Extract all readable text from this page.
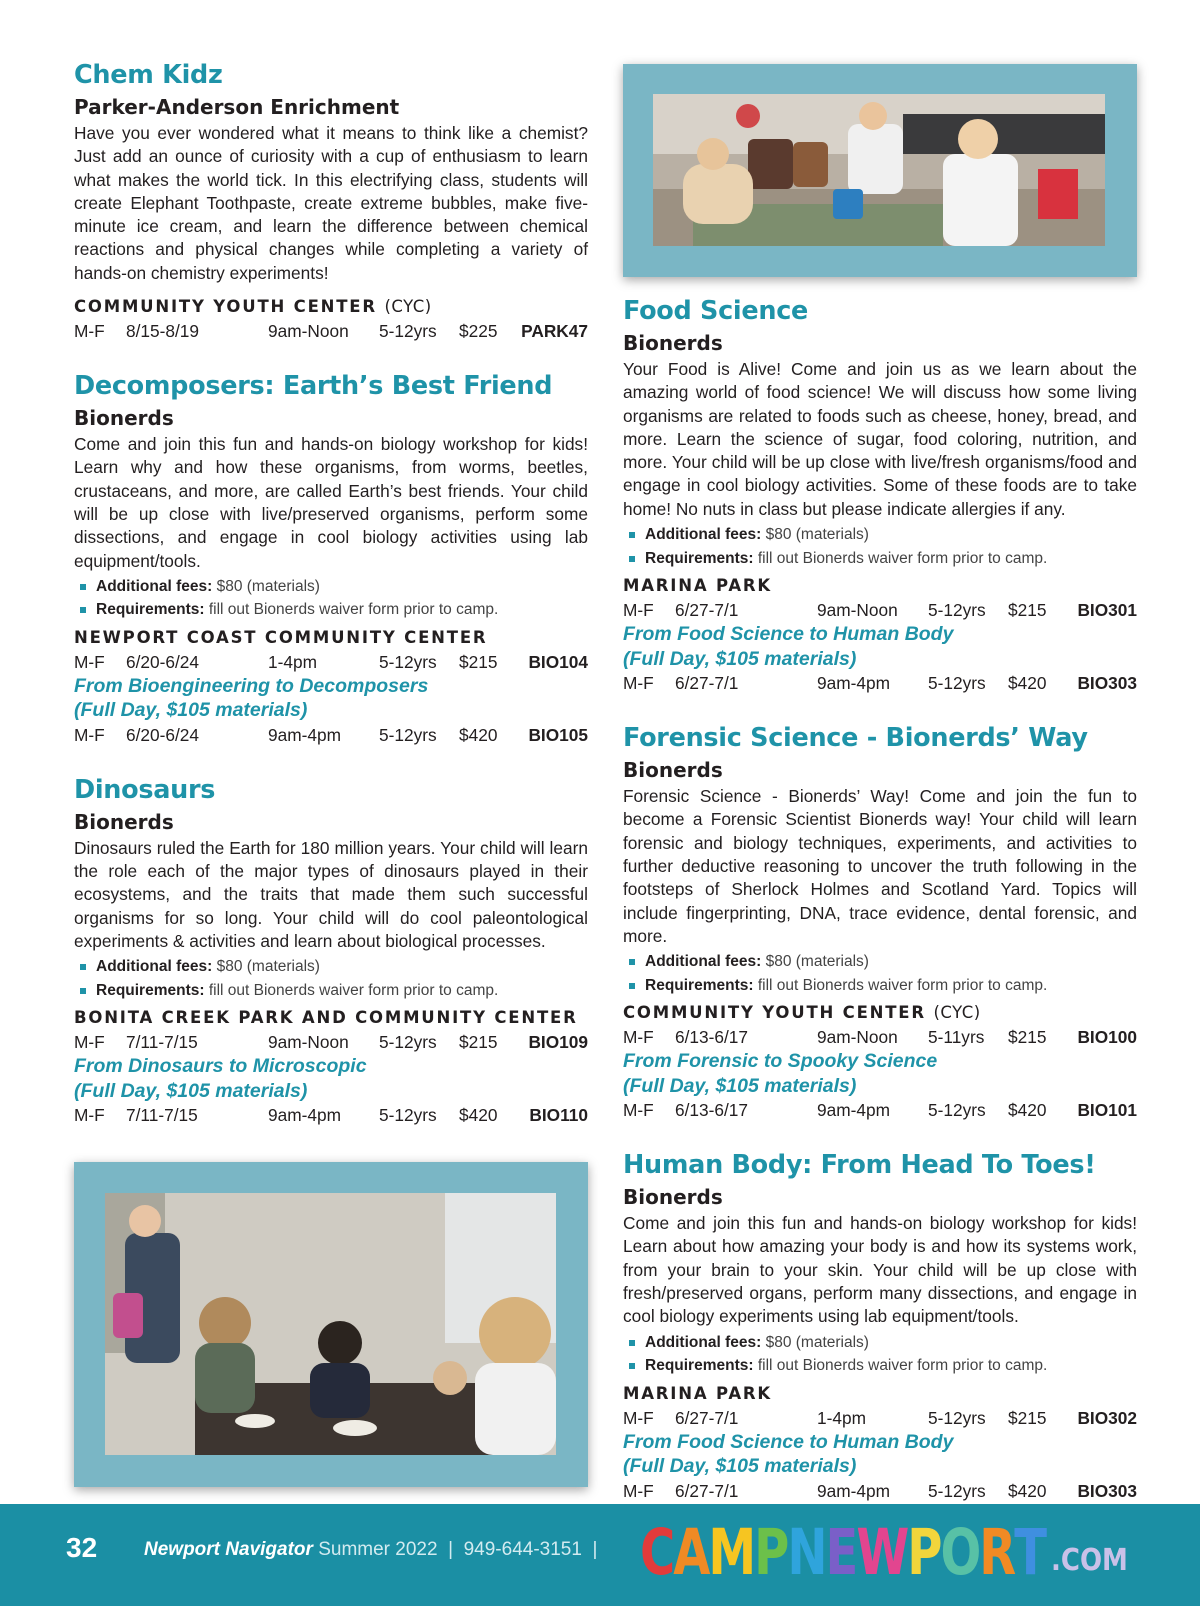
Chem Kidz
Parker-Anderson Enrichment

Have you ever wondered what it means to think like a chemist? Just add an ounce of curiosity with a cup of enthusiasm to learn what makes the world tick. In this electrifying class, students will create Elephant Toothpaste, create extreme bubbles, make five-minute ice cream, and learn the difference between chemical reactions and physical changes while completing a variety of hands-on chemistry experiments!

COMMUNITY YOUTH CENTER (CYC)
M-F 8/15-8/19	9am-Noon 5-12yrs $225 PARK47
Decomposers: Earth’s Best Friend
Bionerds

Come and join this fun and hands-on biology workshop for kids! Learn why and how these organisms, from worms, beetles, crustaceans, and more, are called Earth’s best friends. Your child will be up close with live/preserved organisms, perform some dissections, and engage in cool biology activities using lab equipment/tools.

Additional fees: $80 (materials)
Requirements: fill out Bionerds waiver form prior to camp.
NEWPORT COAST COMMUNITY CENTER
M-F 6/20-6/24	1-4pm	5-12yrs $215 BIO104
From Bioengineering to Decomposers
(Full Day, $105 materials)
M-F 6/20-6/24	9am-4pm 5-12yrs $420 BIO105
Dinosaurs
Bionerds

Dinosaurs ruled the Earth for 180 million years. Your child will learn the role each of the major types of dinosaurs played in their ecosystems, and the traits that made them such successful organisms for so long. Your child will do cool paleontological experiments & activities and learn about biological processes.

Additional fees: $80 (materials)
Requirements: fill out Bionerds waiver form prior to camp.
BONITA CREEK PARK AND COMMUNITY CENTER
M-F 7/11-7/15	9am-Noon 5-12yrs $215 BIO109
From Dinosaurs to Microscopic
(Full Day, $105 materials)
M-F 7/11-7/15	9am-4pm 5-12yrs $420 BIO110
Food Science
Bionerds

Your Food is Alive! Come and join us as we learn about the amazing world of food science! We will discuss how some living organisms are related to foods such as cheese, honey, bread, and more. Learn the science of sugar, food coloring, nutrition, and more. Your child will be up close with live/fresh organisms/food and engage in cool biology activities. Some of these foods are to take home! No nuts in class but please indicate allergies if any.

Additional fees: $80 (materials)
Requirements: fill out Bionerds waiver form prior to camp.
MARINA PARK
M-F 6/27-7/1	9am-Noon 5-12yrs $215 BIO301
From Food Science to Human Body
(Full Day, $105 materials)
M-F 6/27-7/1	9am-4pm 5-12yrs $420 BIO303
Forensic Science - Bionerds’ Way
Bionerds

Forensic Science - Bionerds’ Way! Come and join the fun to become a Forensic Scientist Bionerds way! Your child will learn forensic and biology techniques, experiments, and activities to further deductive reasoning to uncover the truth following in the footsteps of Sherlock Holmes and Scotland Yard. Topics will include fingerprinting, DNA, trace evidence, dental forensic, and more.

Additional fees: $80 (materials)
Requirements: fill out Bionerds waiver form prior to camp.
COMMUNITY YOUTH CENTER (CYC)
M-F 6/13-6/17	9am-Noon 5-11yrs $215 BIO100
From Forensic to Spooky Science
(Full Day, $105 materials)
M-F 6/13-6/17	9am-4pm 5-12yrs $420 BIO101
Human Body: From Head To Toes!
Bionerds

Come and join this fun and hands-on biology workshop for kids! Learn about how amazing your body is and how its systems work, from your brain to your skin. Your child will be up close with fresh/preserved organs, perform many dissections, and engage in cool biology experiments using lab equipment/tools.

Additional fees: $80 (materials)
Requirements: fill out Bionerds waiver form prior to camp.
MARINA PARK
M-F 6/27-7/1	1-4pm	5-12yrs $215 BIO302
From Food Science to Human Body
(Full Day, $105 materials)
M-F 6/27-7/1	9am-4pm 5-12yrs $420 BIO303
32 Newport Navigator Summer 2022 | 949-644-3151 | CAMPNEWPORT .COM
